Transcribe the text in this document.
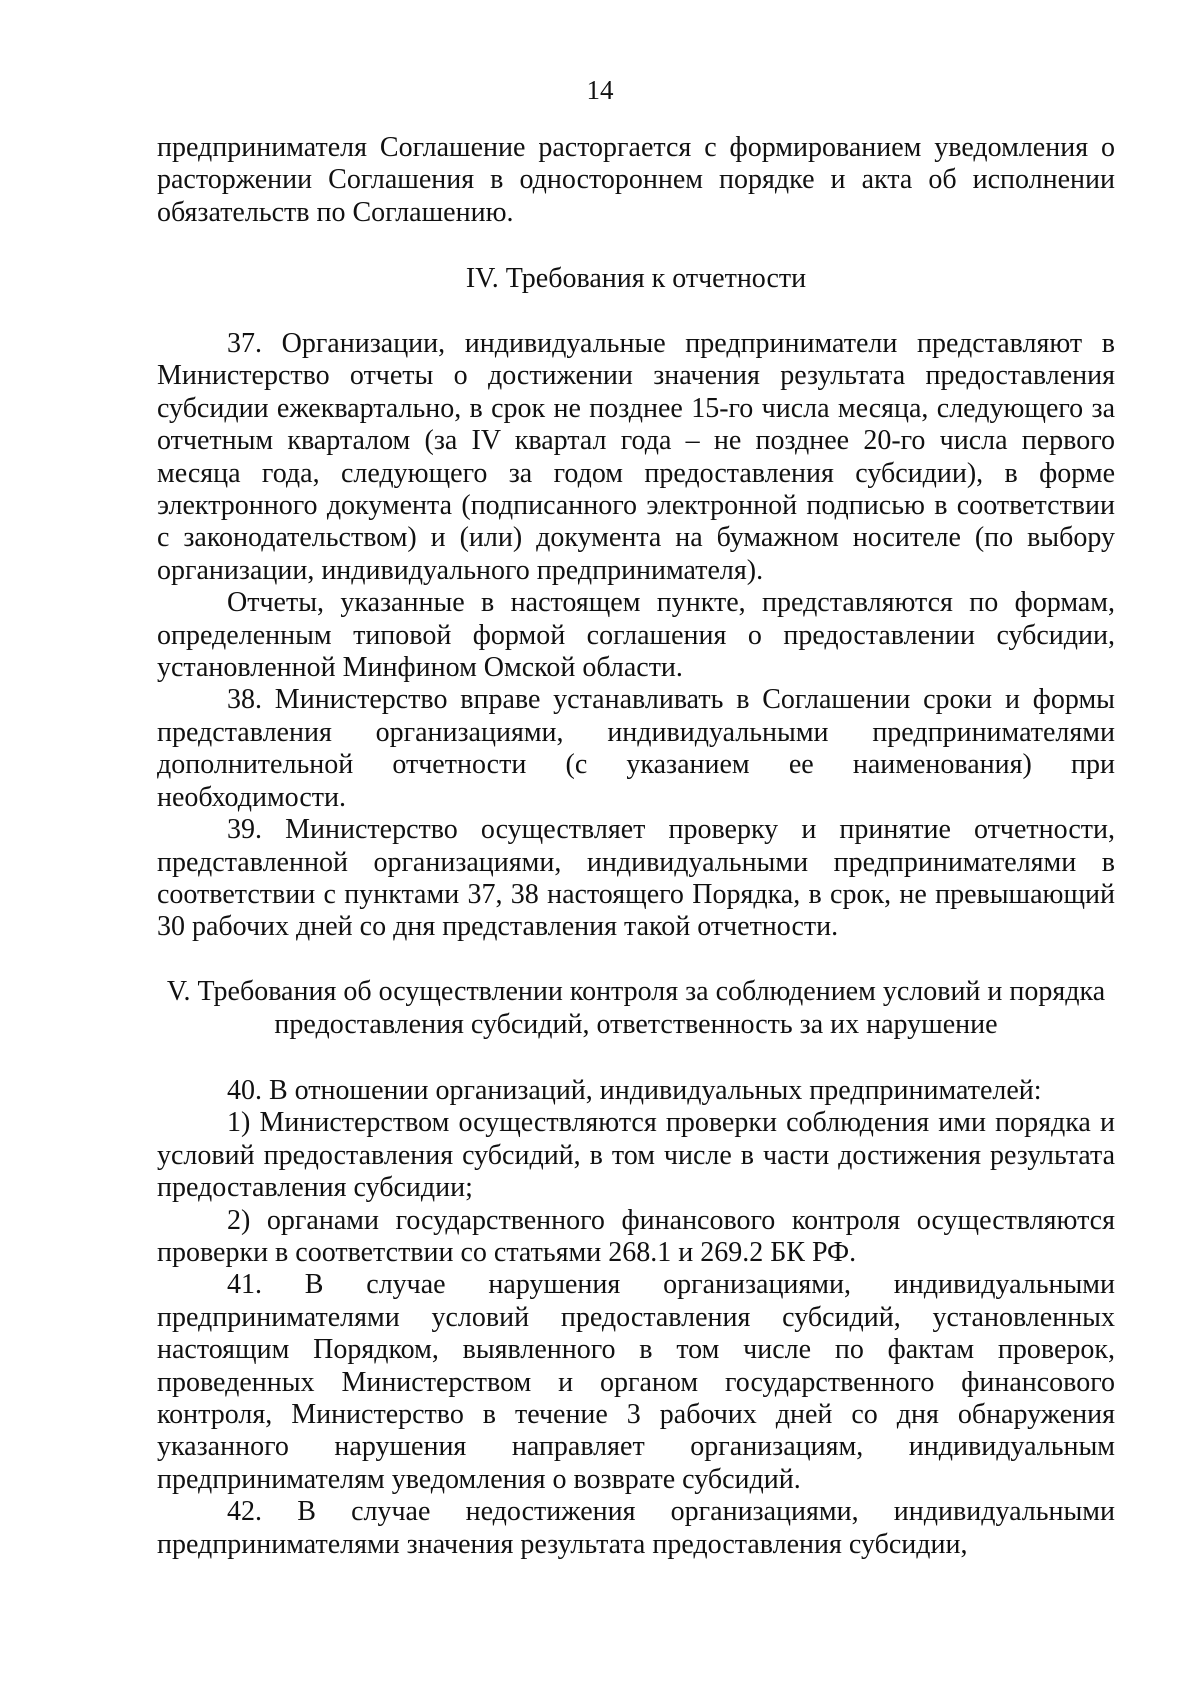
14

предпринимателя Соглашение расторгается с формированием уведомления о расторжении Соглашения в одностороннем порядке и акта об исполнении обязательств по Соглашению.

IV. Требования к отчетности

37. Организации, индивидуальные предприниматели представляют в Министерство отчеты о достижении значения результата предоставления субсидии ежеквартально, в срок не позднее 15-го числа месяца, следующего за отчетным кварталом (за IV квартал года – не позднее 20-го числа первого месяца года, следующего за годом предоставления субсидии), в форме электронного документа (подписанного электронной подписью в соответствии с законодательством) и (или) документа на бумажном носителе (по выбору организации, индивидуального предпринимателя).

Отчеты, указанные в настоящем пункте, представляются по формам, определенным типовой формой соглашения о предоставлении субсидии, установленной Минфином Омской области.

38. Министерство вправе устанавливать в Соглашении сроки и формы представления организациями, индивидуальными предпринимателями дополнительной отчетности (с указанием ее наименования) при необходимости.

39. Министерство осуществляет проверку и принятие отчетности, представленной организациями, индивидуальными предпринимателями в соответствии с пунктами 37, 38 настоящего Порядка, в срок, не превышающий 30 рабочих дней со дня представления такой отчетности.

V. Требования об осуществлении контроля за соблюдением условий и порядка
предоставления субсидий, ответственность за их нарушение

40. В отношении организаций, индивидуальных предпринимателей:

1) Министерством осуществляются проверки соблюдения ими порядка и условий предоставления субсидий, в том числе в части достижения результата предоставления субсидии;

2) органами государственного финансового контроля осуществляются проверки в соответствии со статьями 268.1 и 269.2 БК РФ.

41. В случае нарушения организациями, индивидуальными предпринимателями условий предоставления субсидий, установленных настоящим Порядком, выявленного в том числе по фактам проверок, проведенных Министерством и органом государственного финансового контроля, Министерство в течение 3 рабочих дней со дня обнаружения указанного нарушения направляет организациям, индивидуальным предпринимателям уведомления о возврате субсидий.

42. В случае недостижения организациями, индивидуальными предпринимателями значения результата предоставления субсидии,
